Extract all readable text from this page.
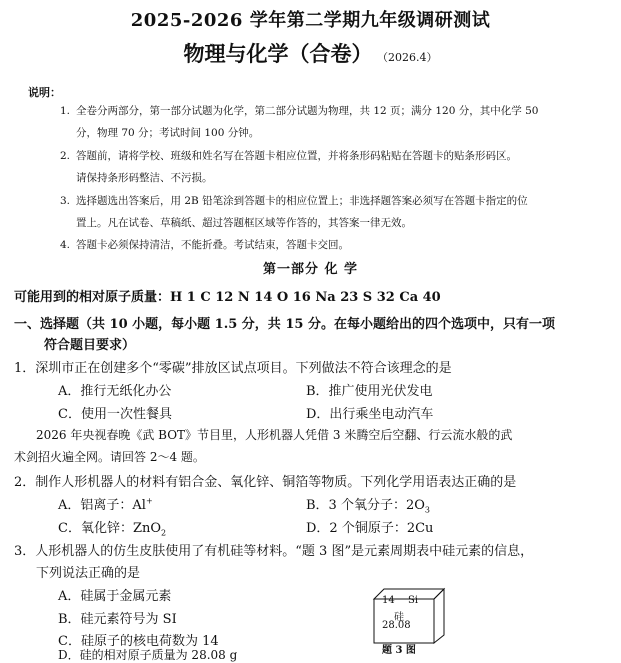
2025-2026 学年第二学期九年级调研测试
物理与化学（合卷） （2026.4）
说明：
1. 全卷分两部分，第一部分试题为化学，第二部分试题为物理，共 12 页；满分 120 分，其中化学 50
分，物理 70 分；考试时间 100 分钟。
2. 答题前，请将学校、班级和姓名写在答题卡相应位置，并将条形码粘贴在答题卡的贴条形码区。
请保持条形码整洁、不污损。
3. 选择题选出答案后，用 2B 铅笔涂到答题卡的相应位置上；非选择题答案必须写在答题卡指定的位
置上。凡在试卷、草稿纸、超过答题框区域等作答的，其答案一律无效。
4. 答题卡必须保持清洁，不能折叠。考试结束，答题卡交回。
第一部分 化 学
可能用到的相对原子质量：H 1 C 12 N 14 O 16 Na 23 S 32 Ca 40
一、选择题（共 10 小题，每小题 1.5 分，共 15 分。在每小题给出的四个选项中，只有一项
符合题目要求）
1．深圳市正在创建多个“零碳”排放区试点项目。下列做法不符合该理念的是
A．推行无纸化办公	B．推广使用光伏发电
C．使用一次性餐具	D．出行乘坐电动汽车
2026 年央视春晚《武 BOT》节目里，人形机器人凭借 3 米腾空后空翻、行云流水般的武
术剑招火遍全网。请回答 2～4 题。
2．制作人形机器人的材料有铝合金、氧化锌、铜箔等物质。下列化学用语表达正确的是
A．铝离子：Al+	B．3 个氧分子：$2O_3$
C．氧化锌：ZnO$_2$	D．2 个铜原子：2Cu
3．人形机器人的仿生皮肤使用了有机硅等材料。“题 3 图”是元素周期表中硅元素的信息，
下列说法正确的是
A．硅属于金属元素
B．硅元素符号为 SI
C．硅原子的核电荷数为 14
D．硅的相对原子质量为 28.08 g
14 Si
硅
28.08
题 3 图
